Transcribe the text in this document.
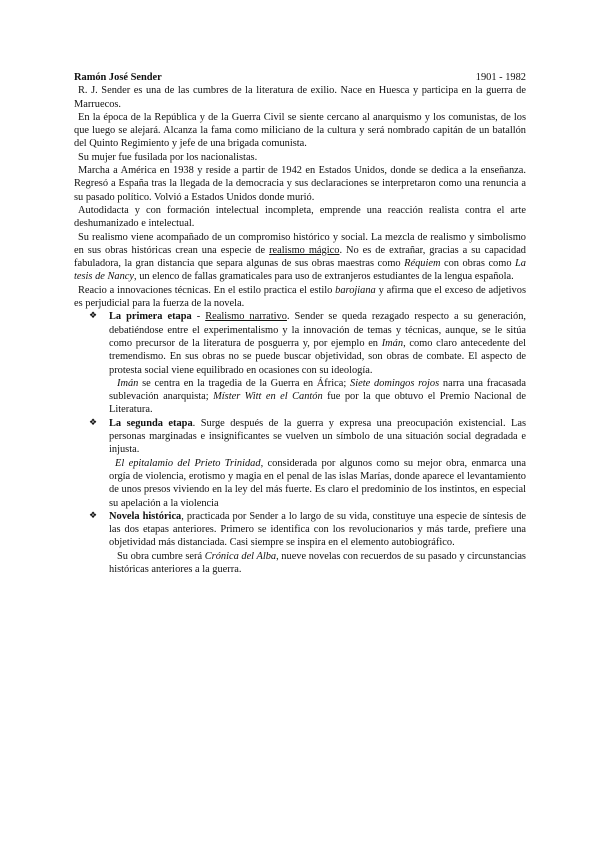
Ramón José Sender	1901 - 1982

R. J. Sender es una de las cumbres de la literatura de exilio. Nace en Huesca y participa en la guerra de Marruecos.

En la época de la República y de la Guerra Civil se siente cercano al anarquismo y los comunistas, de los que luego se alejará. Alcanza la fama como miliciano de la cultura y será nombrado capitán de un batallón del Quinto Regimiento y jefe de una brigada comunista.

Su mujer fue fusilada por los nacionalistas.

Marcha a América en 1938 y reside a partir de 1942 en Estados Unidos, donde se dedica a la enseñanza. Regresó a España tras la llegada de la democracia y sus declaraciones se interpretaron como una renuncia a su pasado político. Volvió a Estados Unidos donde murió.

Autodidacta y con formación intelectual incompleta, emprende una reacción realista contra el arte deshumanizado e intelectual.

Su realismo viene acompañado de un compromiso histórico y social. La mezcla de realismo y simbolismo en sus obras históricas crean una especie de realismo mágico. No es de extrañar, gracias a su capacidad fabuladora, la gran distancia que separa algunas de sus obras maestras como Réquiem con obras como La tesis de Nancy, un elenco de fallas gramaticales para uso de extranjeros estudiantes de la lengua española.

Reacio a innovaciones técnicas. En el estilo practica el estilo barojiana y afirma que el exceso de adjetivos es perjudicial para la fuerza de la novela.

❖ La primera etapa - Realismo narrativo. Sender se queda rezagado respecto a su generación, debatiéndose entre el experimentalismo y la innovación de temas y técnicas, aunque, se le sitúa como precursor de la literatura de posguerra y, por ejemplo en Imán, como claro antecedente del tremendismo. En sus obras no se puede buscar objetividad, son obras de combate. El aspecto de protesta social viene equilibrado en ocasiones con su ideología.

Imán se centra en la tragedia de la Guerra en África; Siete domingos rojos narra una fracasada sublevación anarquista; Míster Witt en el Cantón fue por la que obtuvo el Premio Nacional de Literatura.

❖ La segunda etapa. Surge después de la guerra y expresa una preocupación existencial. Las personas marginadas e insignificantes se vuelven un símbolo de una situación social degradada e injusta.

El epitalamio del Prieto Trinidad, considerada por algunos como su mejor obra, enmarca una orgía de violencia, erotismo y magia en el penal de las islas Marías, donde aparece el levantamiento de unos presos viviendo en la ley del más fuerte. Es claro el predominio de los instintos, en especial su apelación a la violencia

❖ Novela histórica, practicada por Sender a lo largo de su vida, constituye una especie de síntesis de las dos etapas anteriores. Primero se identifica con los revolucionarios y más tarde, prefiere una objetividad más distanciada. Casi siempre se inspira en el elemento autobiográfico.

Su obra cumbre será Crónica del Alba, nueve novelas con recuerdos de su pasado y circunstancias históricas anteriores a la guerra.
